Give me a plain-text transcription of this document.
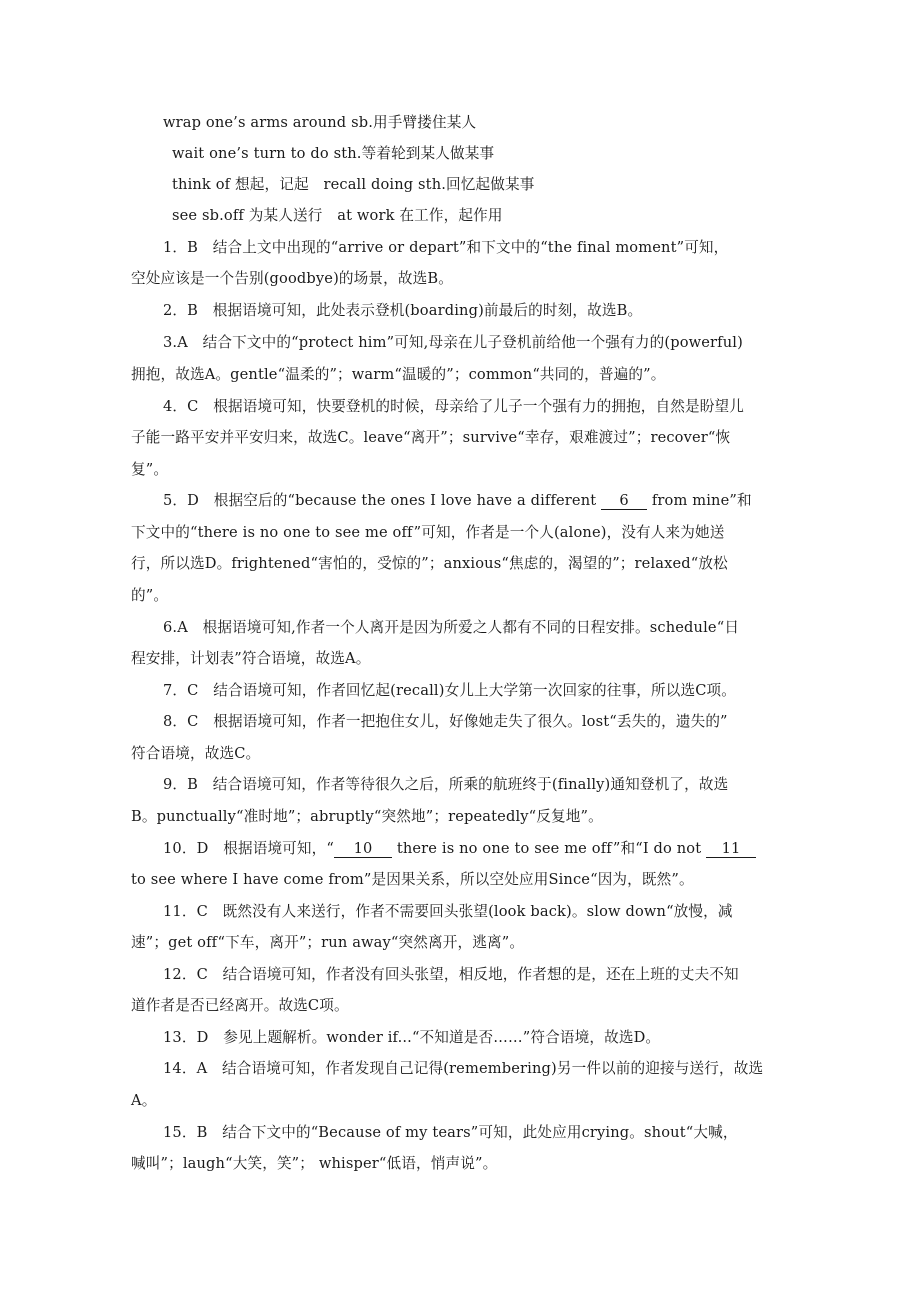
wrap one’s arms around sb.用手臂搂住某人
wait one’s turn to do sth.等着轮到某人做某事
think of 想起，记起　recall doing sth.回忆起做某事
see sb.off 为某人送行　at work 在工作，起作用
1．B　结合上文中出现的“arrive or depart”和下文中的“the final moment”可知，
空处应该是一个告别(goodbye)的场景，故选B。
2．B　根据语境可知，此处表示登机(boarding)前最后的时刻，故选B。
3.A　结合下文中的“protect him”可知,母亲在儿子登机前给他一个强有力的(powerful)
拥抱，故选A。gentle“温柔的”；warm“温暖的”；common“共同的，普遍的”。
4．C　根据语境可知，快要登机的时候，母亲给了儿子一个强有力的拥抱，自然是盼望儿
子能一路平安并平安归来，故选C。leave“离开”；survive“幸存，艰难渡过”；recover“恢
复”。
5．D　根据空后的“because the ones I love have a different 6 from mine”和
下文中的“there is no one to see me off”可知，作者是一个人(alone)，没有人来为她送
行，所以选D。frightened“害怕的，受惊的”；anxious“焦虑的，渴望的”；relaxed“放松
的”。
6.A　根据语境可知,作者一个人离开是因为所爱之人都有不同的日程安排。schedule“日
程安排，计划表”符合语境，故选A。
7．C　结合语境可知，作者回忆起(recall)女儿上大学第一次回家的往事，所以选C项。
8．C　根据语境可知，作者一把抱住女儿，好像她走失了很久。lost“丢失的，遗失的”
符合语境，故选C。
9．B　结合语境可知，作者等待很久之后，所乘的航班终于(finally)通知登机了，故选
B。punctually“准时地”；abruptly“突然地”；repeatedly“反复地”。
10．D　根据语境可知，“ 10 there is no one to see me off”和“I do not 11
to see where I have come from”是因果关系，所以空处应用Since“因为，既然”。
11．C　既然没有人来送行，作者不需要回头张望(look back)。slow down“放慢，减
速”；get off“下车，离开”；run away“突然离开，逃离”。
12．C　结合语境可知，作者没有回头张望，相反地，作者想的是，还在上班的丈夫不知
道作者是否已经离开。故选C项。
13．D　参见上题解析。wonder if...“不知道是否……”符合语境，故选D。
14．A　结合语境可知，作者发现自己记得(remembering)另一件以前的迎接与送行，故选
A。
15．B　结合下文中的“Because of my tears”可知，此处应用crying。shout“大喊，
喊叫”；laugh“大笑，笑”； whisper“低语，悄声说”。
